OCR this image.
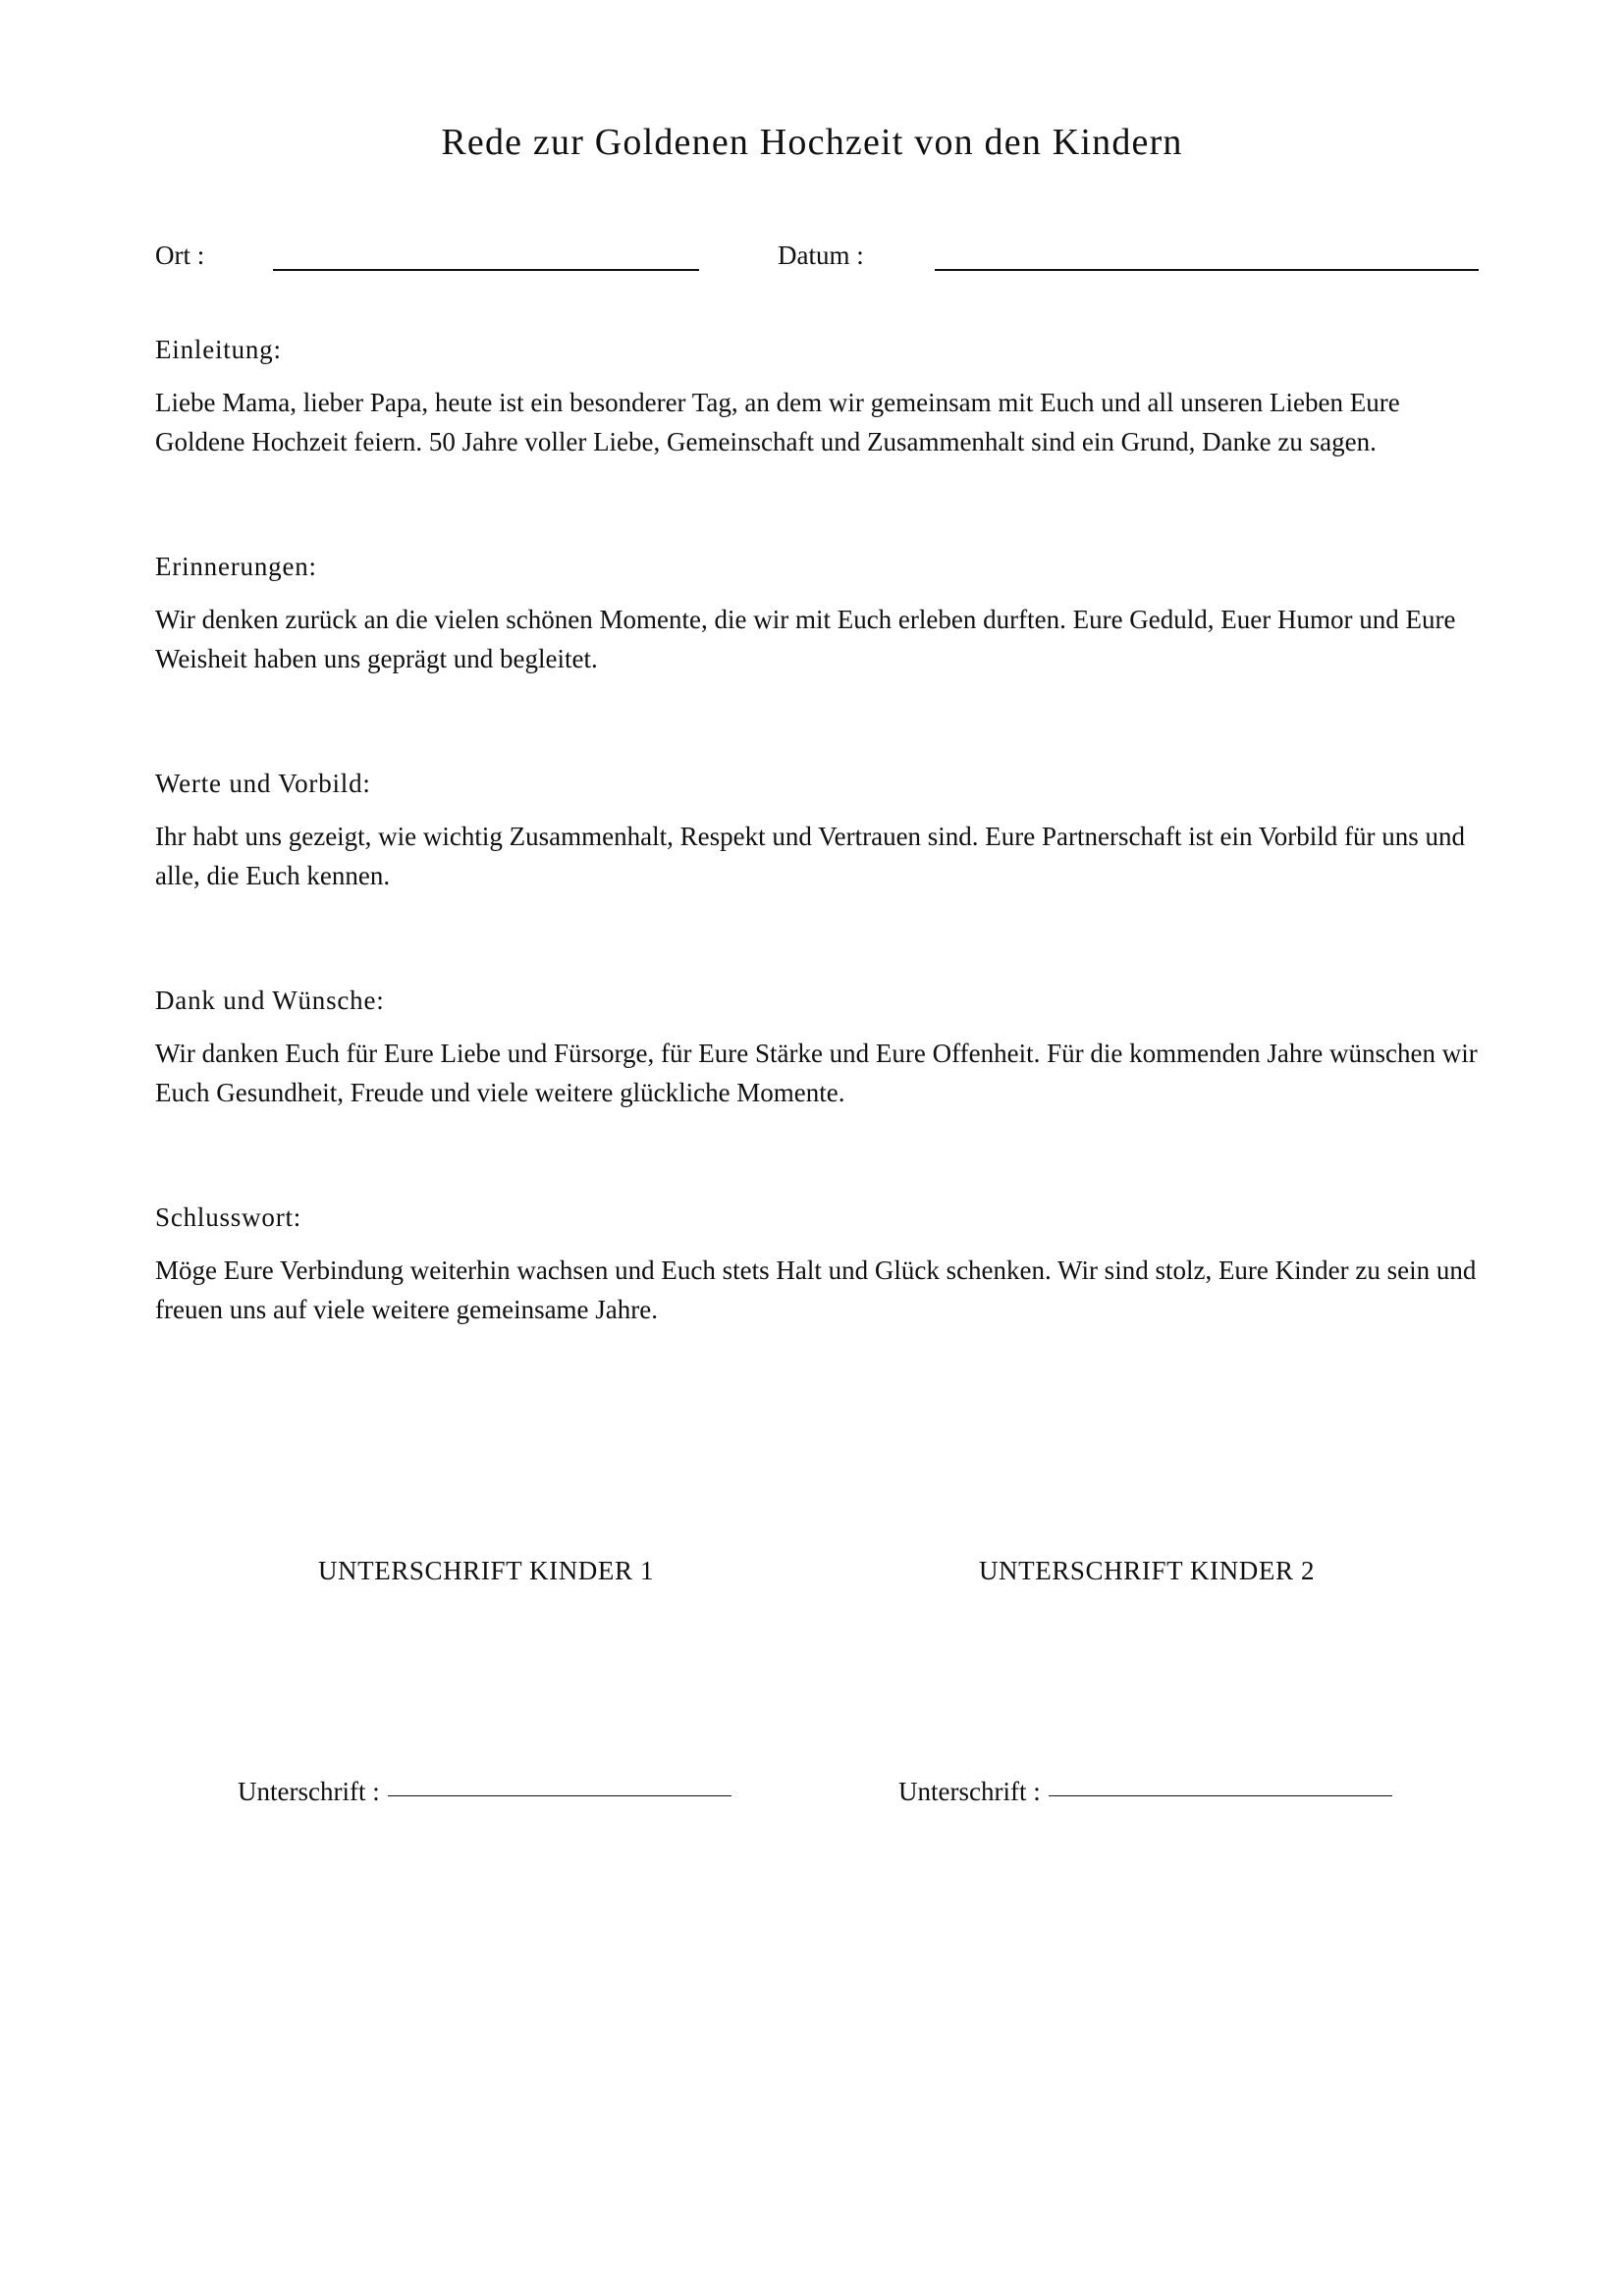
Rede zur Goldenen Hochzeit von den Kindern
Ort :	Datum :
Einleitung:

Liebe Mama, lieber Papa, heute ist ein besonderer Tag, an dem wir gemeinsam mit Euch und all unseren Lieben Eure Goldene Hochzeit feiern. 50 Jahre voller Liebe, Gemeinschaft und Zusammenhalt sind ein Grund, Danke zu sagen.

Erinnerungen:

Wir denken zurück an die vielen schönen Momente, die wir mit Euch erleben durften. Eure Geduld, Euer Humor und Eure Weisheit haben uns geprägt und begleitet.

Werte und Vorbild:

Ihr habt uns gezeigt, wie wichtig Zusammenhalt, Respekt und Vertrauen sind. Eure Partnerschaft ist ein Vorbild für uns und alle, die Euch kennen.

Dank und Wünsche:

Wir danken Euch für Eure Liebe und Fürsorge, für Eure Stärke und Eure Offenheit. Für die kommenden Jahre wünschen wir Euch Gesundheit, Freude und viele weitere glückliche Momente.

Schlusswort:

Möge Eure Verbindung weiterhin wachsen und Euch stets Halt und Glück schenken. Wir sind stolz, Eure Kinder zu sein und freuen uns auf viele weitere gemeinsame Jahre.

UNTERSCHRIFT KINDER 1	UNTERSCHRIFT KINDER 2
Unterschrift :	Unterschrift :
